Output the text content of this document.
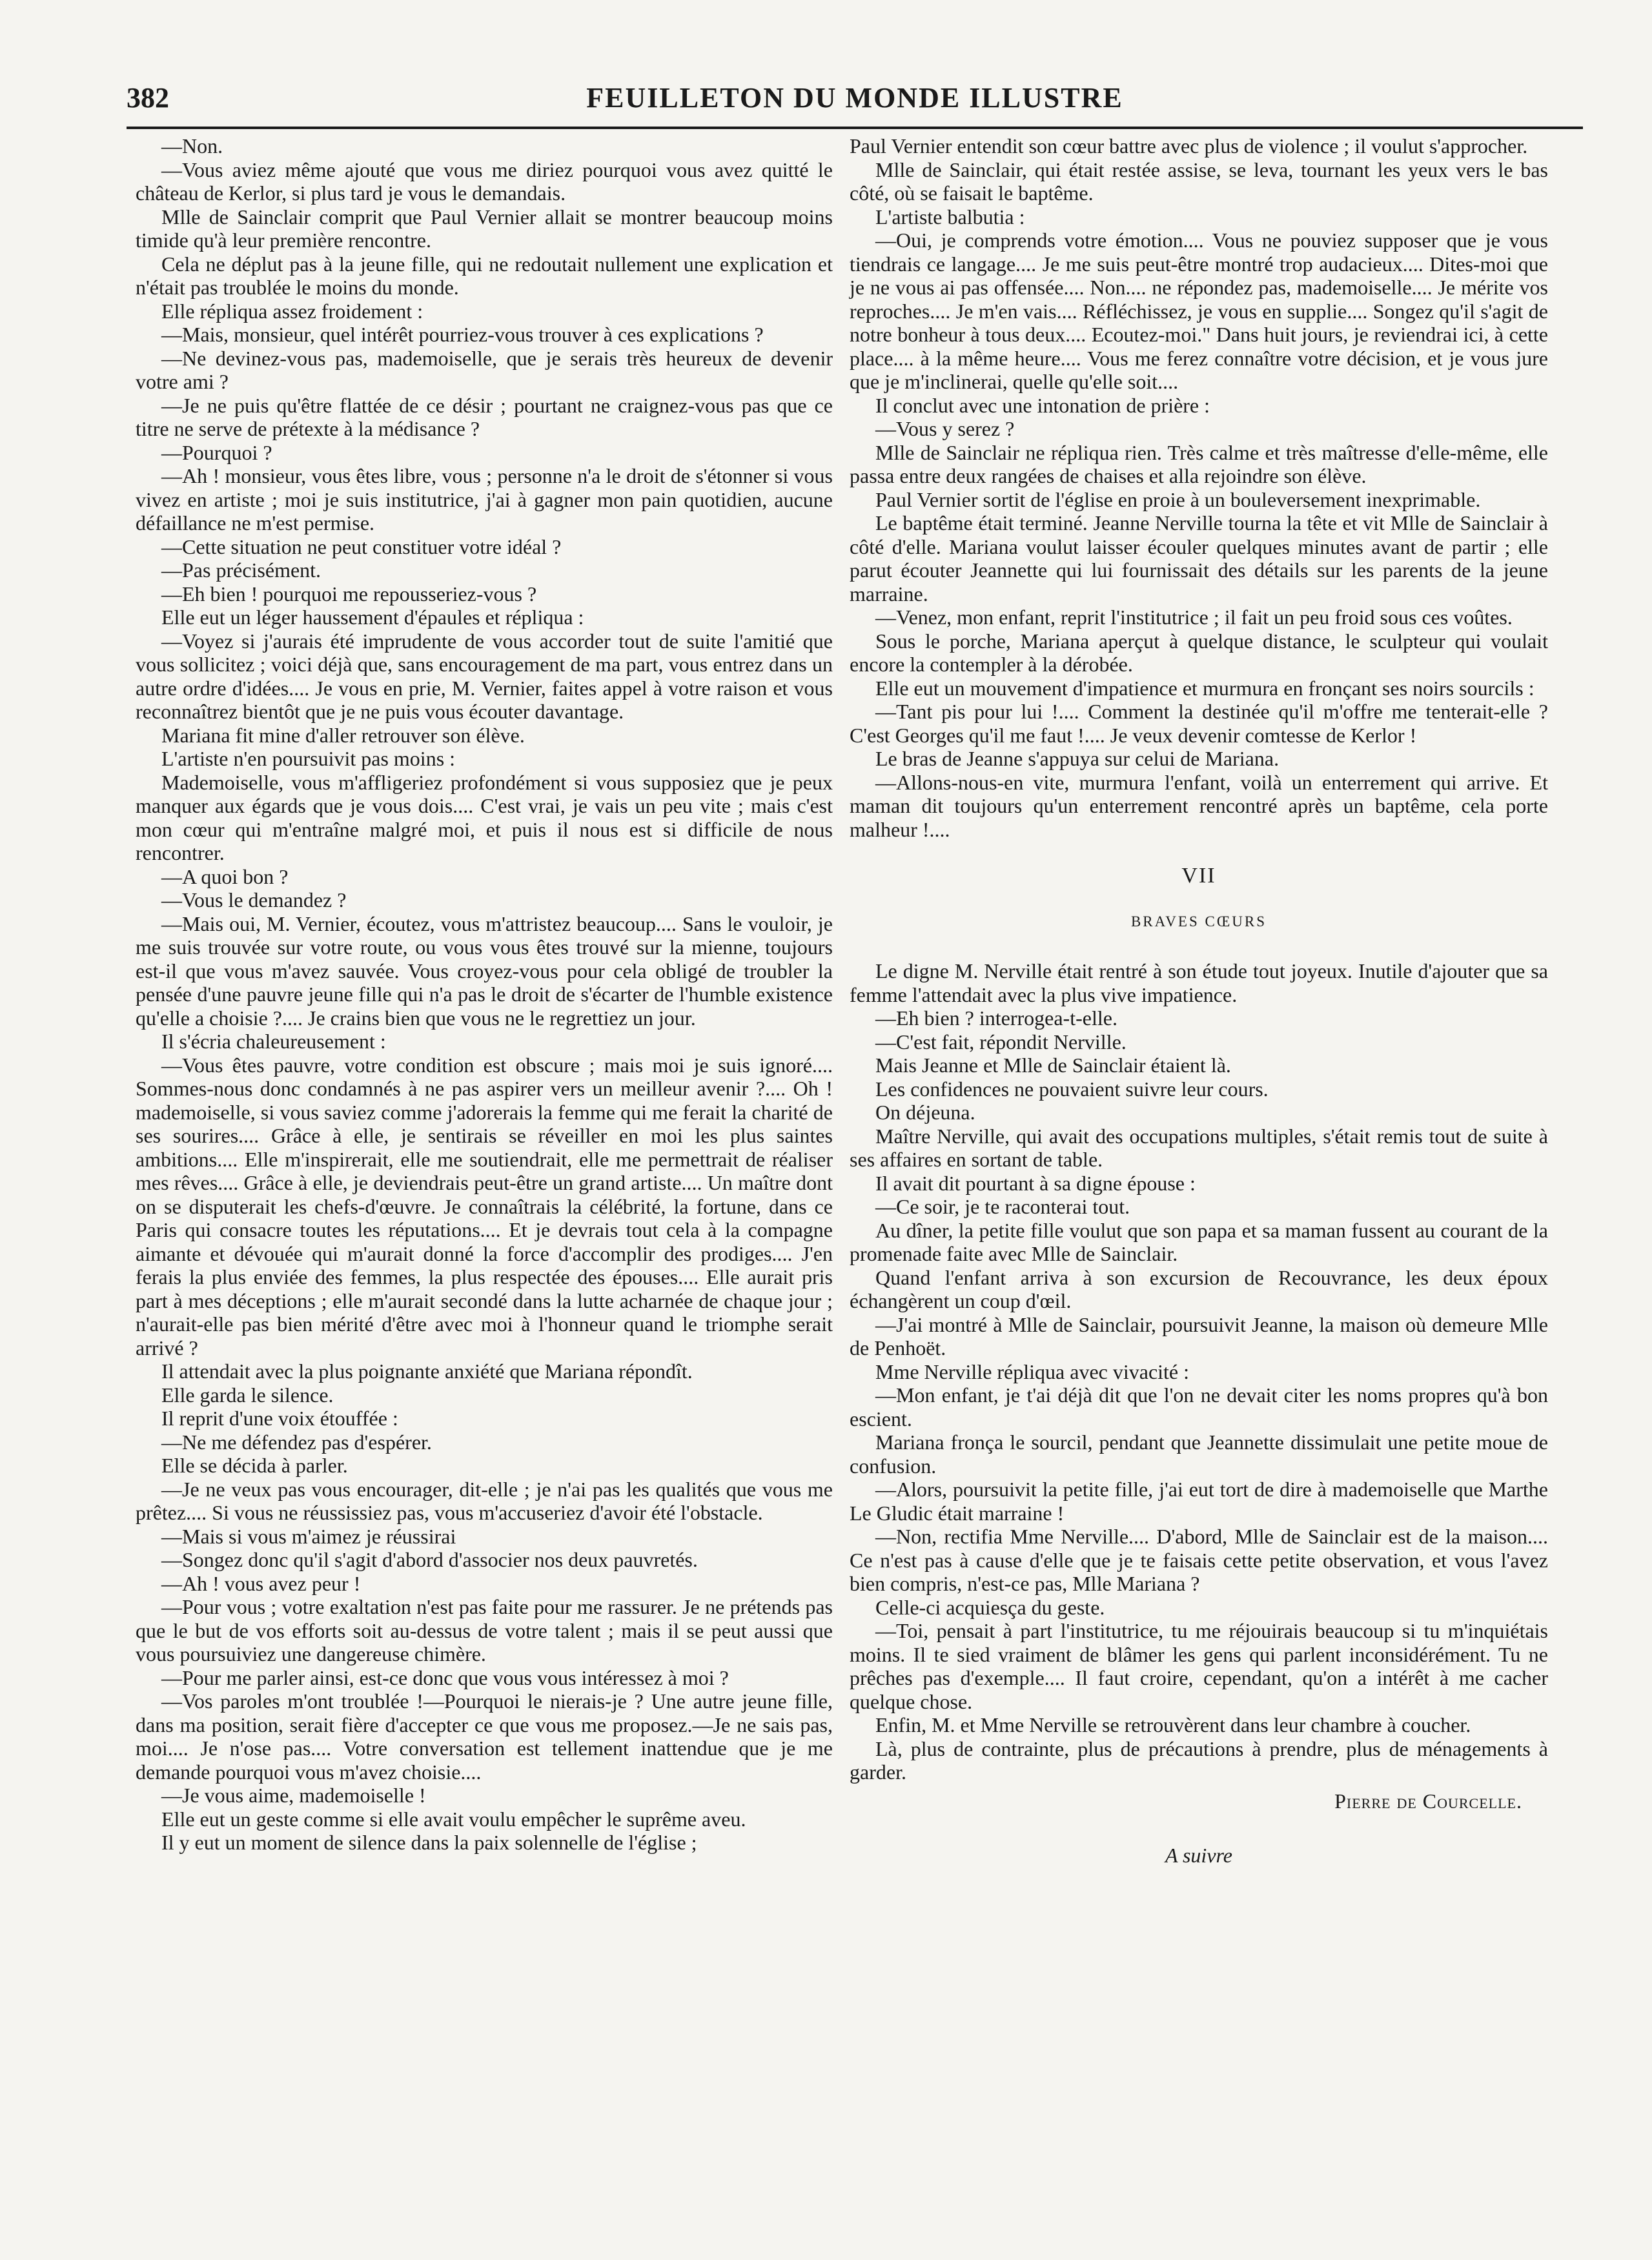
382	FEUILLETON DU MONDE ILLUSTRE

—Non.

—Vous aviez même ajouté que vous me diriez pourquoi vous avez quitté le château de Kerlor, si plus tard je vous le demandais.

Mlle de Sainclair comprit que Paul Vernier allait se montrer beaucoup moins timide qu'à leur première rencontre.

Cela ne déplut pas à la jeune fille, qui ne redoutait nullement une explication et n'était pas troublée le moins du monde.

Elle répliqua assez froidement :

—Mais, monsieur, quel intérêt pourriez-vous trouver à ces explications ?

—Ne devinez-vous pas, mademoiselle, que je serais très heureux de devenir votre ami ?

—Je ne puis qu'être flattée de ce désir ; pourtant ne craignez-vous pas que ce titre ne serve de prétexte à la médisance ?

—Pourquoi ?

—Ah ! monsieur, vous êtes libre, vous ; personne n'a le droit de s'étonner si vous vivez en artiste ; moi je suis institutrice, j'ai à gagner mon pain quotidien, aucune défaillance ne m'est permise.

—Cette situation ne peut constituer votre idéal ?

—Pas précisément.

—Eh bien ! pourquoi me repousseriez-vous ?

Elle eut un léger haussement d'épaules et répliqua :

—Voyez si j'aurais été imprudente de vous accorder tout de suite l'amitié que vous sollicitez ; voici déjà que, sans encouragement de ma part, vous entrez dans un autre ordre d'idées.... Je vous en prie, M. Vernier, faites appel à votre raison et vous reconnaîtrez bientôt que je ne puis vous écouter davantage.

Mariana fit mine d'aller retrouver son élève.

L'artiste n'en poursuivit pas moins :

Mademoiselle, vous m'affligeriez profondément si vous supposiez que je peux manquer aux égards que je vous dois.... C'est vrai, je vais un peu vite ; mais c'est mon cœur qui m'entraîne malgré moi, et puis il nous est si difficile de nous rencontrer.

—A quoi bon ?

—Vous le demandez ?

—Mais oui, M. Vernier, écoutez, vous m'attristez beaucoup.... Sans le vouloir, je me suis trouvée sur votre route, ou vous vous êtes trouvé sur la mienne, toujours est-il que vous m'avez sauvée. Vous croyez-vous pour cela obligé de troubler la pensée d'une pauvre jeune fille qui n'a pas le droit de s'écarter de l'humble existence qu'elle a choisie ?.... Je crains bien que vous ne le regrettiez un jour.

Il s'écria chaleureusement :

—Vous êtes pauvre, votre condition est obscure ; mais moi je suis ignoré.... Sommes-nous donc condamnés à ne pas aspirer vers un meilleur avenir ?.... Oh ! mademoiselle, si vous saviez comme j'adorerais la femme qui me ferait la charité de ses sourires.... Grâce à elle, je sentirais se réveiller en moi les plus saintes ambitions.... Elle m'inspirerait, elle me soutiendrait, elle me permettrait de réaliser mes rêves.... Grâce à elle, je deviendrais peut-être un grand artiste.... Un maître dont on se disputerait les chefs-d'œuvre. Je connaîtrais la célébrité, la fortune, dans ce Paris qui consacre toutes les réputations.... Et je devrais tout cela à la compagne aimante et dévouée qui m'aurait donné la force d'accomplir des prodiges.... J'en ferais la plus enviée des femmes, la plus respectée des épouses.... Elle aurait pris part à mes déceptions ; elle m'aurait secondé dans la lutte acharnée de chaque jour ; n'aurait-elle pas bien mérité d'être avec moi à l'honneur quand le triomphe serait arrivé ?

Il attendait avec la plus poignante anxiété que Mariana répondît.

Elle garda le silence.

Il reprit d'une voix étouffée :

—Ne me défendez pas d'espérer.

Elle se décida à parler.

—Je ne veux pas vous encourager, dit-elle ; je n'ai pas les qualités que vous me prêtez.... Si vous ne réussissiez pas, vous m'accuseriez d'avoir été l'obstacle.

—Mais si vous m'aimez je réussirai

—Songez donc qu'il s'agit d'abord d'associer nos deux pauvretés.

—Ah ! vous avez peur !

—Pour vous ; votre exaltation n'est pas faite pour me rassurer. Je ne prétends pas que le but de vos efforts soit au-dessus de votre talent ; mais il se peut aussi que vous poursuiviez une dangereuse chimère.

—Pour me parler ainsi, est-ce donc que vous vous intéressez à moi ?

—Vos paroles m'ont troublée !—Pourquoi le nierais-je ? Une autre jeune fille, dans ma position, serait fière d'accepter ce que vous me proposez.—Je ne sais pas, moi.... Je n'ose pas.... Votre conversation est tellement inattendue que je me demande pourquoi vous m'avez choisie....

—Je vous aime, mademoiselle !

Elle eut un geste comme si elle avait voulu empêcher le suprême aveu.

Il y eut un moment de silence dans la paix solennelle de l'église ;

Paul Vernier entendit son cœur battre avec plus de violence ; il voulut s'approcher.

Mlle de Sainclair, qui était restée assise, se leva, tournant les yeux vers le bas côté, où se faisait le baptême.

L'artiste balbutia :

—Oui, je comprends votre émotion.... Vous ne pouviez supposer que je vous tiendrais ce langage.... Je me suis peut-être montré trop audacieux.... Dites-moi que je ne vous ai pas offensée.... Non.... ne répondez pas, mademoiselle.... Je mérite vos reproches.... Je m'en vais.... Réfléchissez, je vous en supplie.... Songez qu'il s'agit de notre bonheur à tous deux.... Ecoutez-moi." Dans huit jours, je reviendrai ici, à cette place.... à la même heure.... Vous me ferez connaître votre décision, et je vous jure que je m'inclinerai, quelle qu'elle soit....

Il conclut avec une intonation de prière :

—Vous y serez ?

Mlle de Sainclair ne répliqua rien. Très calme et très maîtresse d'elle-même, elle passa entre deux rangées de chaises et alla rejoindre son élève.

Paul Vernier sortit de l'église en proie à un bouleversement inexprimable.

Le baptême était terminé. Jeanne Nerville tourna la tête et vit Mlle de Sainclair à côté d'elle. Mariana voulut laisser écouler quelques minutes avant de partir ; elle parut écouter Jeannette qui lui fournissait des détails sur les parents de la jeune marraine.

—Venez, mon enfant, reprit l'institutrice ; il fait un peu froid sous ces voûtes.

Sous le porche, Mariana aperçut à quelque distance, le sculpteur qui voulait encore la contempler à la dérobée.

Elle eut un mouvement d'impatience et murmura en fronçant ses noirs sourcils :

—Tant pis pour lui !.... Comment la destinée qu'il m'offre me tenterait-elle ? C'est Georges qu'il me faut !.... Je veux devenir comtesse de Kerlor !

Le bras de Jeanne s'appuya sur celui de Mariana.

—Allons-nous-en vite, murmura l'enfant, voilà un enterrement qui arrive. Et maman dit toujours qu'un enterrement rencontré après un baptême, cela porte malheur !....

VII
BRAVES CŒURS

Le digne M. Nerville était rentré à son étude tout joyeux. Inutile d'ajouter que sa femme l'attendait avec la plus vive impatience.

—Eh bien ? interrogea-t-elle.

—C'est fait, répondit Nerville.

Mais Jeanne et Mlle de Sainclair étaient là.

Les confidences ne pouvaient suivre leur cours.

On déjeuna.

Maître Nerville, qui avait des occupations multiples, s'était remis tout de suite à ses affaires en sortant de table.

Il avait dit pourtant à sa digne épouse :

—Ce soir, je te raconterai tout.

Au dîner, la petite fille voulut que son papa et sa maman fussent au courant de la promenade faite avec Mlle de Sainclair.

Quand l'enfant arriva à son excursion de Recouvrance, les deux époux échangèrent un coup d'œil.

—J'ai montré à Mlle de Sainclair, poursuivit Jeanne, la maison où demeure Mlle de Penhoët.

Mme Nerville répliqua avec vivacité :

—Mon enfant, je t'ai déjà dit que l'on ne devait citer les noms propres qu'à bon escient.

Mariana fronça le sourcil, pendant que Jeannette dissimulait une petite moue de confusion.

—Alors, poursuivit la petite fille, j'ai eut tort de dire à mademoiselle que Marthe Le Gludic était marraine !

—Non, rectifia Mme Nerville.... D'abord, Mlle de Sainclair est de la maison.... Ce n'est pas à cause d'elle que je te faisais cette petite observation, et vous l'avez bien compris, n'est-ce pas, Mlle Mariana ?

Celle-ci acquiesça du geste.

—Toi, pensait à part l'institutrice, tu me réjouirais beaucoup si tu m'inquiétais moins. Il te sied vraiment de blâmer les gens qui parlent inconsidérément. Tu ne prêches pas d'exemple.... Il faut croire, cependant, qu'on a intérêt à me cacher quelque chose.

Enfin, M. et Mme Nerville se retrouvèrent dans leur chambre à coucher.

Là, plus de contrainte, plus de précautions à prendre, plus de ménagements à garder.

Pierre de Courcelle.
A suivre
